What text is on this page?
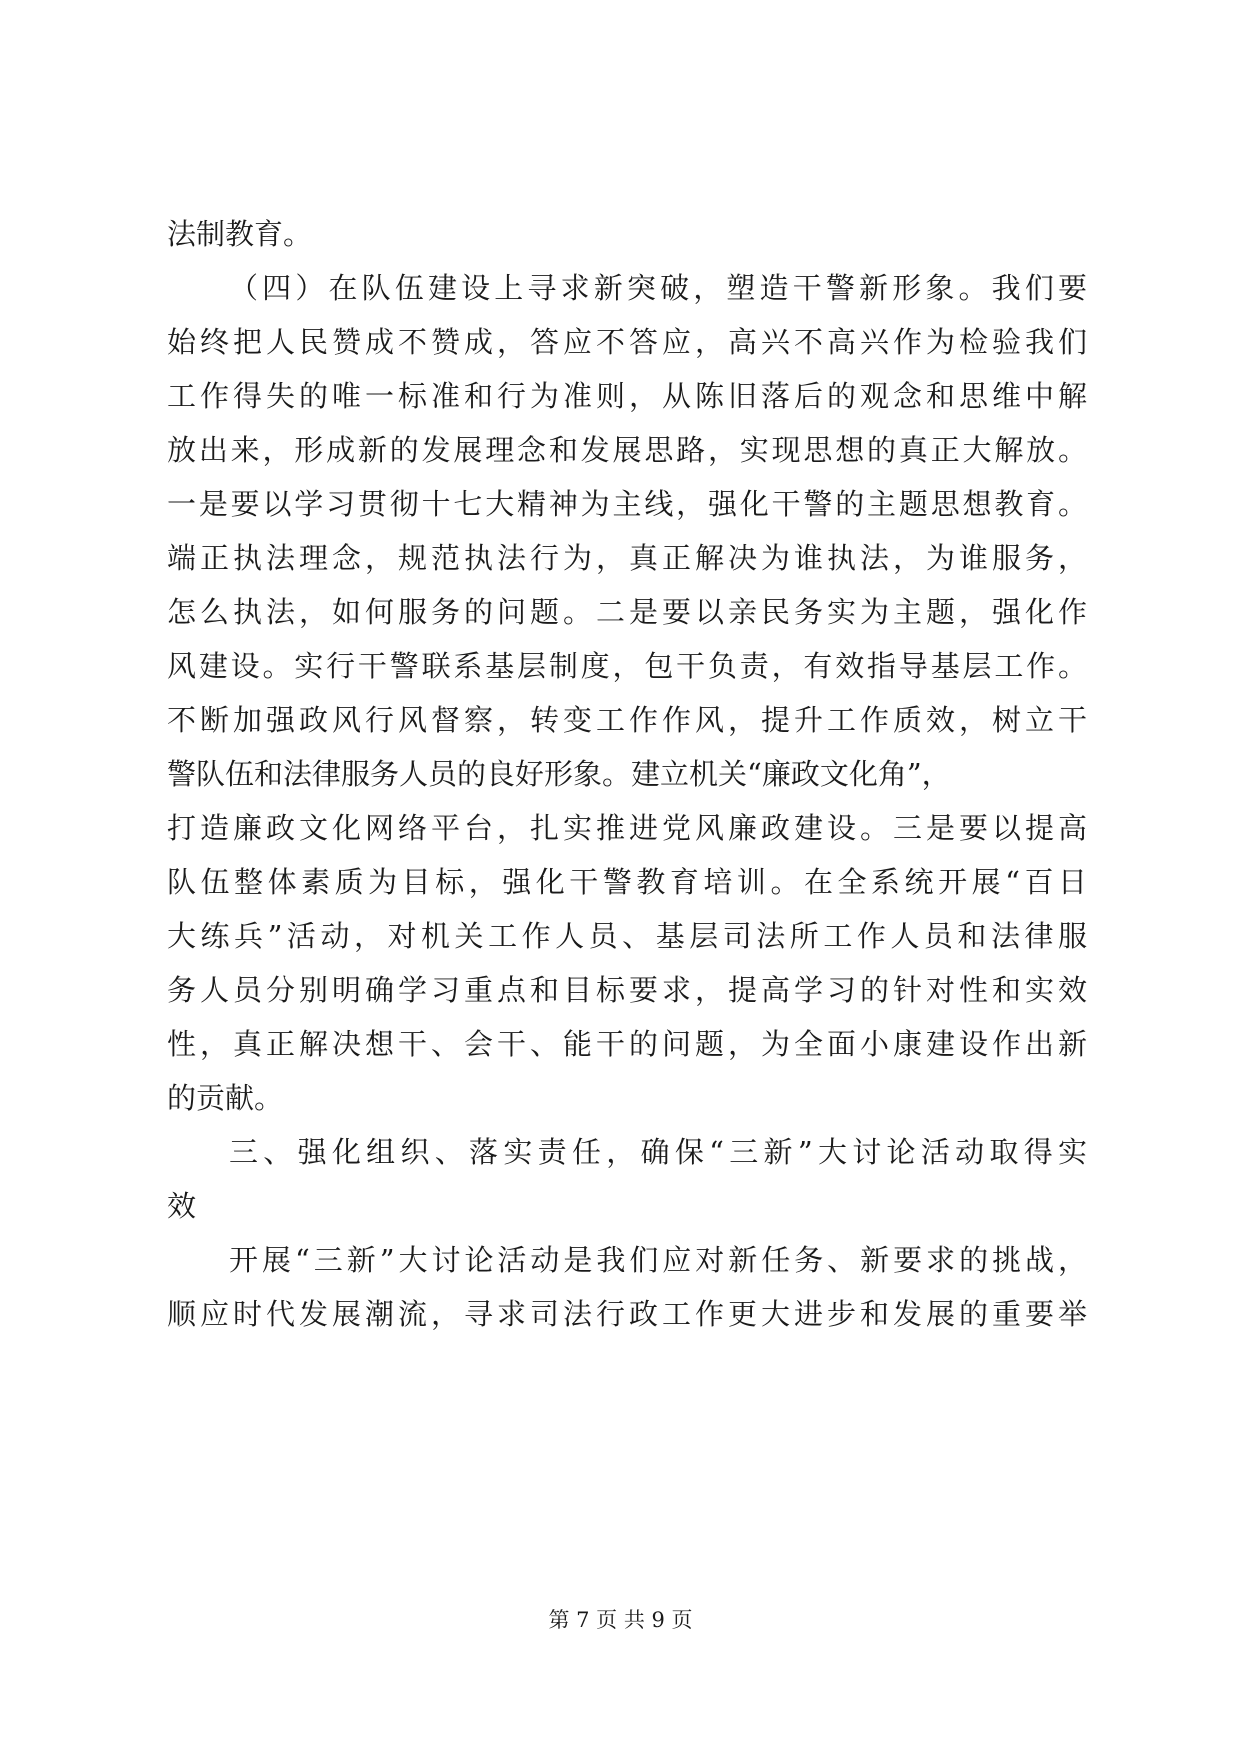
法制教育。
（四）在队伍建设上寻求新突破，塑造干警新形象。我们要
始终把人民赞成不赞成，答应不答应，高兴不高兴作为检验我们
工作得失的唯一标准和行为准则，从陈旧落后的观念和思维中解
放出来，形成新的发展理念和发展思路，实现思想的真正大解放。
一是要以学习贯彻十七大精神为主线，强化干警的主题思想教育。
端正执法理念，规范执法行为，真正解决为谁执法，为谁服务，
怎么执法，如何服务的问题。二是要以亲民务实为主题，强化作
风建设。实行干警联系基层制度，包干负责，有效指导基层工作。
不断加强政风行风督察，转变工作作风，提升工作质效，树立干
警队伍和法律服务人员的良好形象。建立机关“廉政文化角”，
打造廉政文化网络平台，扎实推进党风廉政建设。三是要以提高
队伍整体素质为目标，强化干警教育培训。在全系统开展“百日
大练兵”活动，对机关工作人员、基层司法所工作人员和法律服
务人员分别明确学习重点和目标要求，提高学习的针对性和实效
性，真正解决想干、会干、能干的问题，为全面小康建设作出新
的贡献。
三、强化组织、落实责任，确保“三新”大讨论活动取得实
效
开展“三新”大讨论活动是我们应对新任务、新要求的挑战，
顺应时代发展潮流，寻求司法行政工作更大进步和发展的重要举
第 7 页 共 9 页
